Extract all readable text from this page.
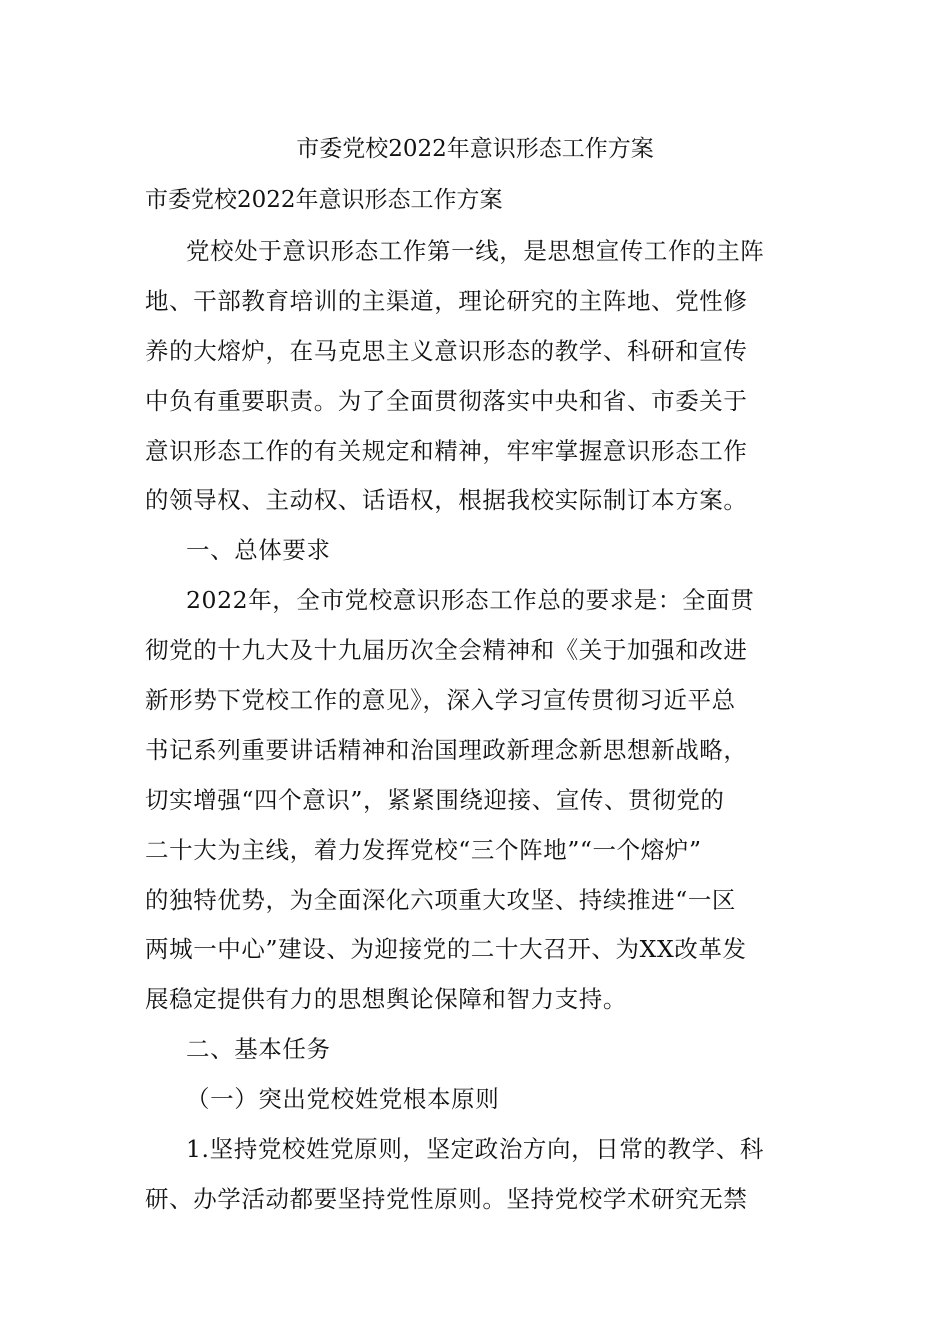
市委党校2022年意识形态工作方案
市委党校2022年意识形态工作方案
党校处于意识形态工作第一线，是思想宣传工作的主阵
地、干部教育培训的主渠道，理论研究的主阵地、党性修
养的大熔炉，在马克思主义意识形态的教学、科研和宣传
中负有重要职责。为了全面贯彻落实中央和省、市委关于
意识形态工作的有关规定和精神，牢牢掌握意识形态工作
的领导权、主动权、话语权，根据我校实际制订本方案。
一、总体要求
2022年，全市党校意识形态工作总的要求是：全面贯
彻党的十九大及十九届历次全会精神和《关于加强和改进
新形势下党校工作的意见》，深入学习宣传贯彻习近平总
书记系列重要讲话精神和治国理政新理念新思想新战略，
切实增强“四个意识”，紧紧围绕迎接、宣传、贯彻党的
二十大为主线，着力发挥党校“三个阵地”“一个熔炉”
的独特优势，为全面深化六项重大攻坚、持续推进“一区
两城一中心”建设、为迎接党的二十大召开、为XX改革发
展稳定提供有力的思想舆论保障和智力支持。
二、基本任务
（一）突出党校姓党根本原则
1.坚持党校姓党原则，坚定政治方向，日常的教学、科
研、办学活动都要坚持党性原则。坚持党校学术研究无禁
